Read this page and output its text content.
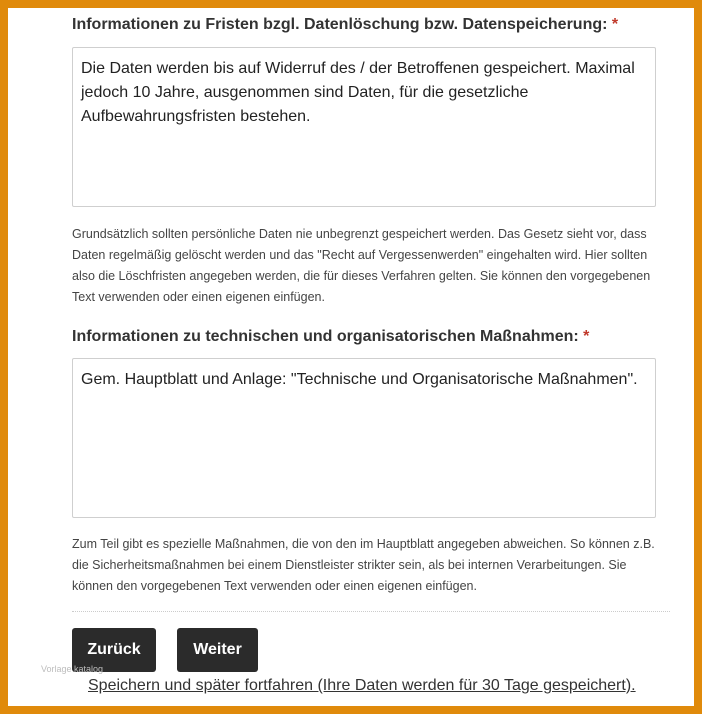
Informationen zu Fristen bzgl. Datenlöschung bzw. Datenspeicherung: *
Die Daten werden bis auf Widerruf des / der Betroffenen gespeichert. Maximal jedoch 10 Jahre, ausgenommen sind Daten, für die gesetzliche Aufbewahrungsfristen bestehen.
Grundsätzlich sollten persönliche Daten nie unbegrenzt gespeichert werden. Das Gesetz sieht vor, dass Daten regelmäßig gelöscht werden und das "Recht auf Vergessenwerden" eingehalten wird. Hier sollten also die Löschfristen angegeben werden, die für dieses Verfahren gelten. Sie können den vorgegebenen Text verwenden oder einen eigenen einfügen.
Informationen zu technischen und organisatorischen Maßnahmen: *
Gem. Hauptblatt und Anlage: "Technische und Organisatorische Maßnahmen".
Zum Teil gibt es spezielle Maßnahmen, die von den im Hauptblatt angegeben abweichen. So können z.B. die Sicherheitsmaßnahmen bei einem Dienstleister strikter sein, als bei internen Verarbeitungen. Sie können den vorgegebenen Text verwenden oder einen eigenen einfügen.
Zurück	Weiter
Vorlage katalog
Speichern und später fortfahren (Ihre Daten werden für 30 Tage gespeichert).
